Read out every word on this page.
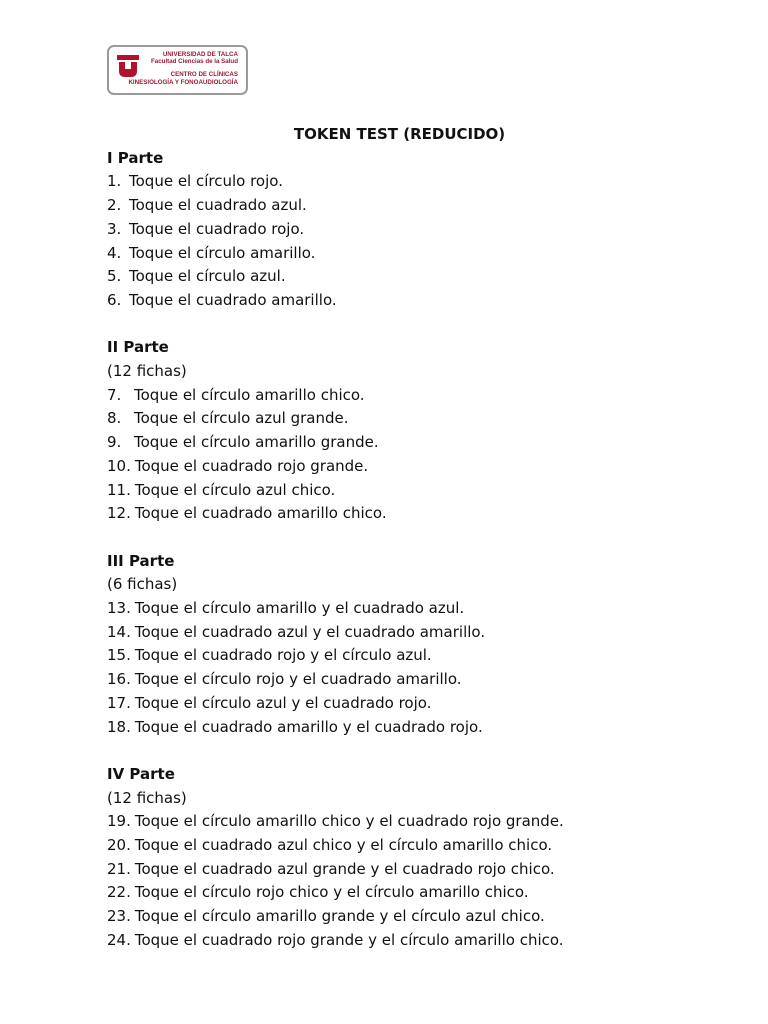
UNIVERSIDAD DE TALCA
Facultad Ciencias de la Salud
CENTRO DE CLÍNICAS
KINESIOLOGÍA Y FONOAUDIOLOGÍA
TOKEN TEST (REDUCIDO)
I Parte
1. Toque el círculo rojo.
2. Toque el cuadrado azul.
3. Toque el cuadrado rojo.
4. Toque el círculo amarillo.
5. Toque el círculo azul.
6. Toque el cuadrado amarillo.
II Parte
(12 fichas)
7. Toque el círculo amarillo chico.
8. Toque el círculo azul grande.
9. Toque el círculo amarillo grande.
10. Toque el cuadrado rojo grande.
11. Toque el círculo azul chico.
12. Toque el cuadrado amarillo chico.
III Parte
(6 fichas)
13. Toque el círculo amarillo y el cuadrado azul.
14. Toque el cuadrado azul y el cuadrado amarillo.
15. Toque el cuadrado rojo y el círculo azul.
16. Toque el círculo rojo y el cuadrado amarillo.
17. Toque el círculo azul y el cuadrado rojo.
18. Toque el cuadrado amarillo y el cuadrado rojo.
IV Parte
(12 fichas)
19. Toque el círculo amarillo chico y el cuadrado rojo grande.
20. Toque el cuadrado azul chico y el círculo amarillo chico.
21. Toque el cuadrado azul grande y el cuadrado rojo chico.
22. Toque el círculo rojo chico y el círculo amarillo chico.
23. Toque el círculo amarillo grande y el círculo azul chico.
24. Toque el cuadrado rojo grande y el círculo amarillo chico.
